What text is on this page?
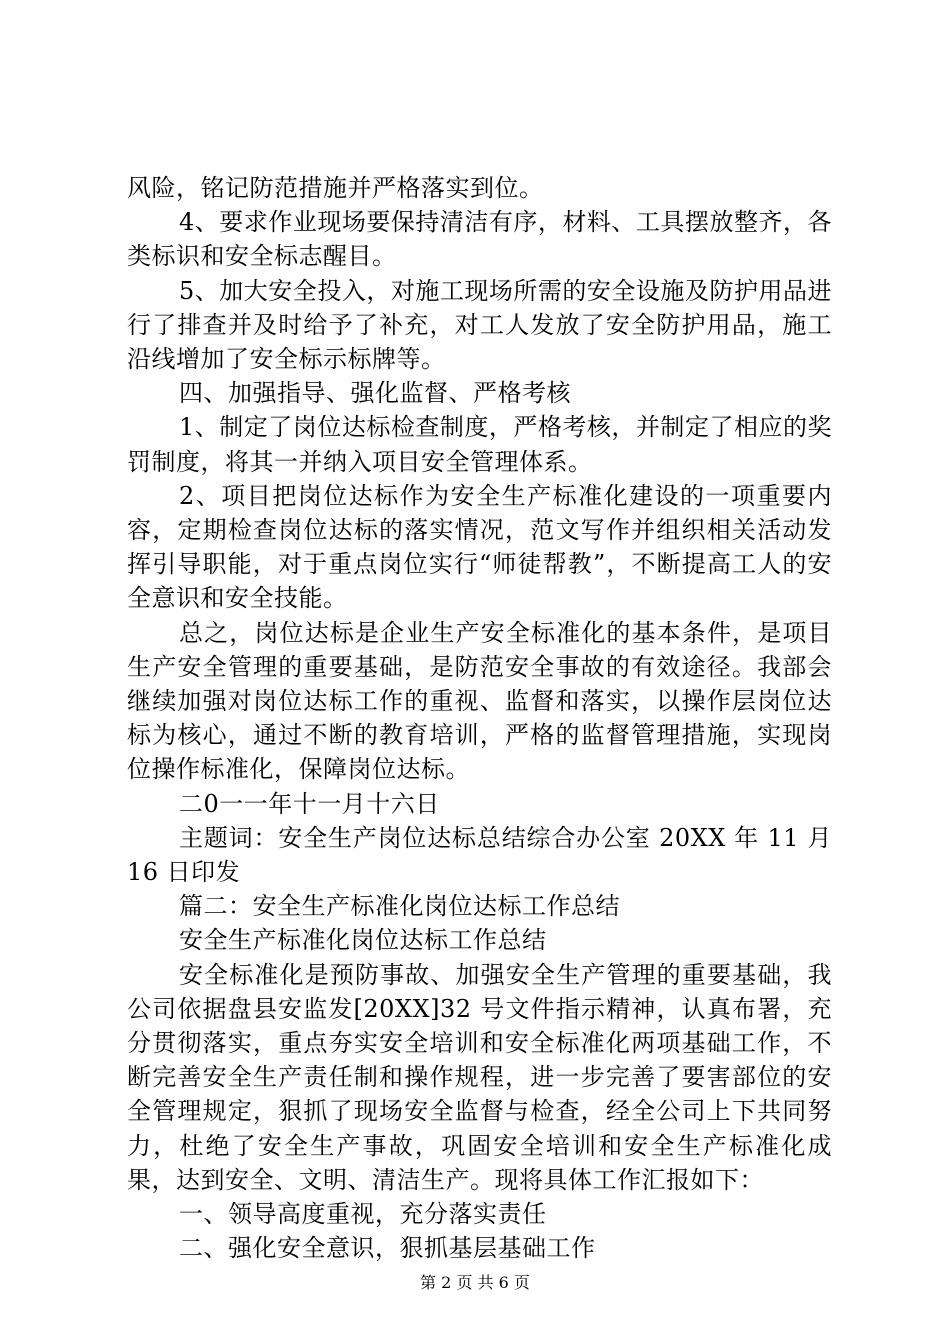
风险，铭记防范措施并严格落实到位。

4、要求作业现场要保持清洁有序，材料、工具摆放整齐，各类标识和安全标志醒目。

5、加大安全投入，对施工现场所需的安全设施及防护用品进行了排查并及时给予了补充，对工人发放了安全防护用品，施工沿线增加了安全标示标牌等。

四、加强指导、强化监督、严格考核

1、制定了岗位达标检查制度，严格考核，并制定了相应的奖罚制度，将其一并纳入项目安全管理体系。

2、项目把岗位达标作为安全生产标准化建设的一项重要内容，定期检查岗位达标的落实情况，范文写作并组织相关活动发挥引导职能，对于重点岗位实行“师徒帮教”，不断提高工人的安全意识和安全技能。

总之，岗位达标是企业生产安全标准化的基本条件，是项目生产安全管理的重要基础，是防范安全事故的有效途径。我部会继续加强对岗位达标工作的重视、监督和落实，以操作层岗位达标为核心，通过不断的教育培训，严格的监督管理措施，实现岗位操作标准化，保障岗位达标。

二0一一年十一月十六日

主题词：安全生产岗位达标总结综合办公室 20XX 年 11 月 16 日印发

篇二：安全生产标准化岗位达标工作总结

安全生产标准化岗位达标工作总结

安全标准化是预防事故、加强安全生产管理的重要基础，我公司依据盘县安监发[20XX]32 号文件指示精神，认真布署，充分贯彻落实，重点夯实安全培训和安全标准化两项基础工作，不断完善安全生产责任制和操作规程，进一步完善了要害部位的安全管理规定，狠抓了现场安全监督与检查，经全公司上下共同努力，杜绝了安全生产事故，巩固安全培训和安全生产标准化成果，达到安全、文明、清洁生产。现将具体工作汇报如下：

一、领导高度重视，充分落实责任

二、强化安全意识，狠抓基层基础工作

第 2 页 共 6 页
